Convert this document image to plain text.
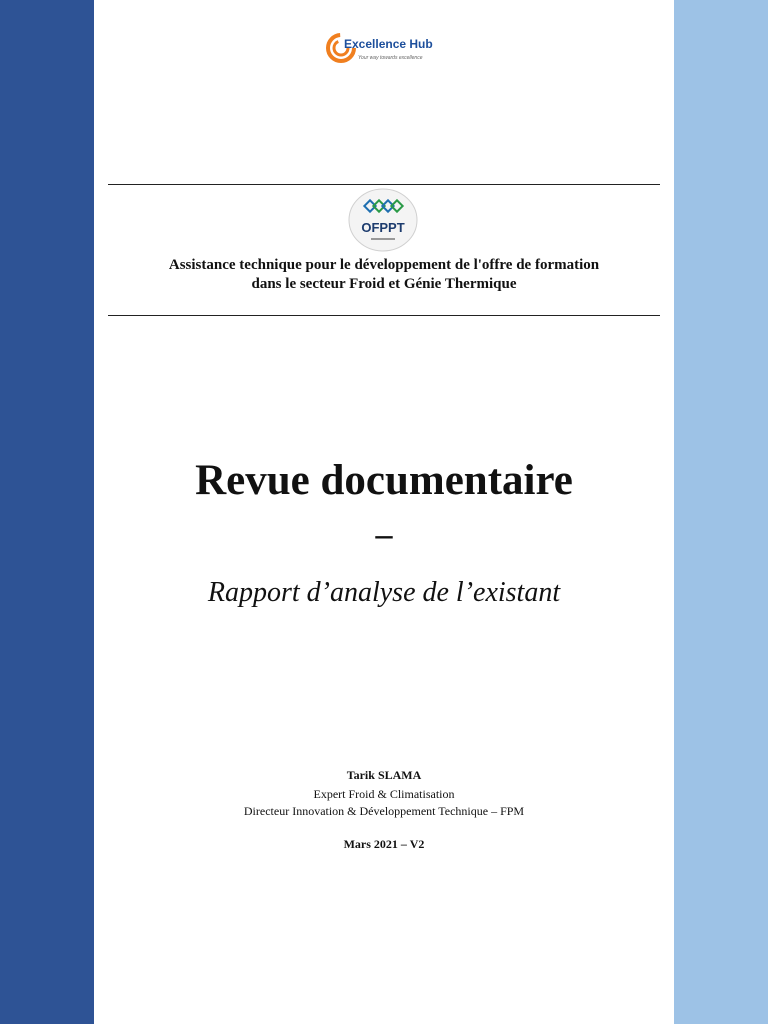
Excellence Hub
Your way towards excellence
OFPPT
Assistance technique pour le développement de l'offre de formation
dans le secteur Froid et Génie Thermique
Revue documentaire
–
Rapport d’analyse de l’existant
Tarik SLAMA
Expert Froid & Climatisation
Directeur Innovation & Développement Technique – FPM
Mars 2021 – V2
